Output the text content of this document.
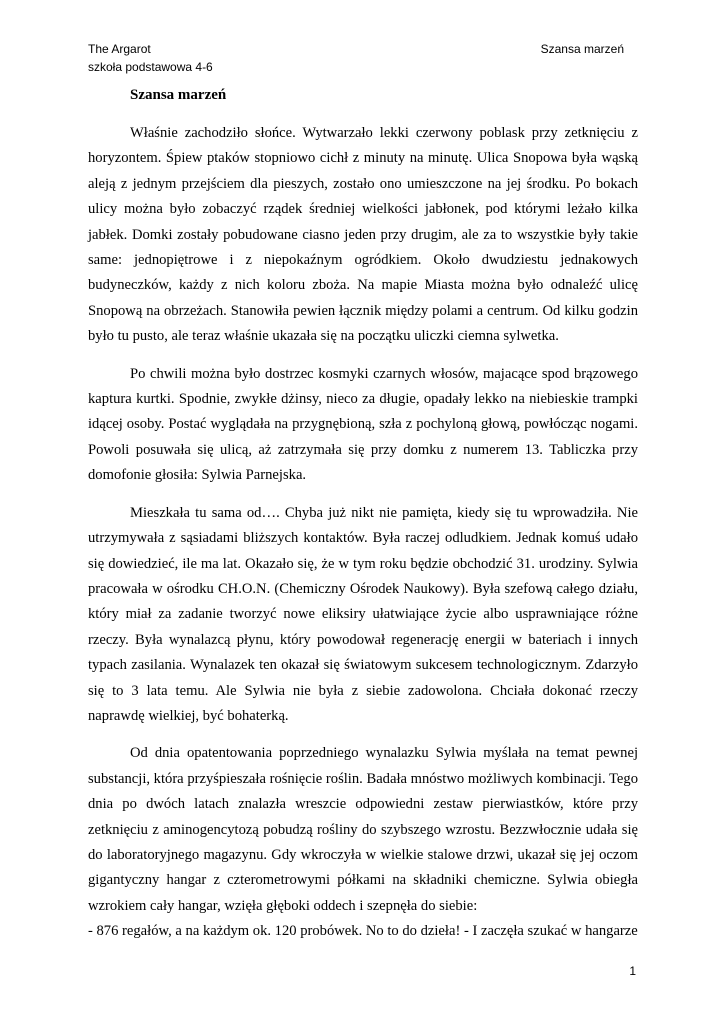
The Argarot	Szansa marzeń
szkoła podstawowa 4-6
Szansa marzeń

Właśnie zachodziło słońce. Wytwarzało lekki czerwony poblask przy zetknięciu z horyzontem. Śpiew ptaków stopniowo cichł z minuty na minutę. Ulica Snopowa była wąską aleją z jednym przejściem dla pieszych, zostało ono umieszczone na jej środku. Po bokach ulicy można było zobaczyć rządek średniej wielkości jabłonek, pod którymi leżało kilka jabłek. Domki zostały pobudowane ciasno jeden przy drugim, ale za to wszystkie były takie same: jednopiętrowe i z niepokaźnym ogródkiem. Około dwudziestu jednakowych budyneczków, każdy z nich koloru zboża. Na mapie Miasta można było odnaleźć ulicę Snopową na obrzeżach. Stanowiła pewien łącznik między polami a centrum. Od kilku godzin było tu pusto, ale teraz właśnie ukazała się na początku uliczki ciemna sylwetka.

Po chwili można było dostrzec kosmyki czarnych włosów, majacące spod brązowego kaptura kurtki. Spodnie, zwykłe dżinsy, nieco za długie, opadały lekko na niebieskie trampki idącej osoby. Postać wyglądała na przygnębioną, szła z pochyloną głową, powłócząc nogami. Powoli posuwała się ulicą, aż zatrzymała się przy domku z numerem 13. Tabliczka przy domofonie głosiła: Sylwia Parnejska.

Mieszkała tu sama od…. Chyba już nikt nie pamięta, kiedy się tu wprowadziła. Nie utrzymywała z sąsiadami bliższych kontaktów. Była raczej odludkiem. Jednak komuś udało się dowiedzieć, ile ma lat. Okazało się, że w tym roku będzie obchodzić 31. urodziny. Sylwia pracowała w ośrodku CH.O.N. (Chemiczny Ośrodek Naukowy). Była szefową całego działu, który miał za zadanie tworzyć nowe eliksiry ułatwiające życie albo usprawniające różne rzeczy. Była wynalazcą płynu, który powodował regenerację energii w bateriach i innych typach zasilania. Wynalazek ten okazał się światowym sukcesem technologicznym. Zdarzyło się to 3 lata temu. Ale Sylwia nie była z siebie zadowolona. Chciała dokonać rzeczy naprawdę wielkiej, być bohaterką.

Od dnia opatentowania poprzedniego wynalazku Sylwia myślała na temat pewnej substancji, która przyśpieszała rośnięcie roślin. Badała mnóstwo możliwych kombinacji. Tego dnia po dwóch latach znalazła wreszcie odpowiedni zestaw pierwiastków, które przy zetknięciu z aminogencytozą pobudzą rośliny do szybszego wzrostu. Bezzwłocznie udała się do laboratoryjnego magazynu. Gdy wkroczyła w wielkie stalowe drzwi, ukazał się jej oczom gigantyczny hangar z czterometrowymi półkami na składniki chemiczne. Sylwia obiegła wzrokiem cały hangar, wzięła głęboki oddech i szepnęła do siebie:
- 876 regałów, a na każdym ok. 120 probówek. No to do dzieła! - I zaczęła szukać w hangarze

1
